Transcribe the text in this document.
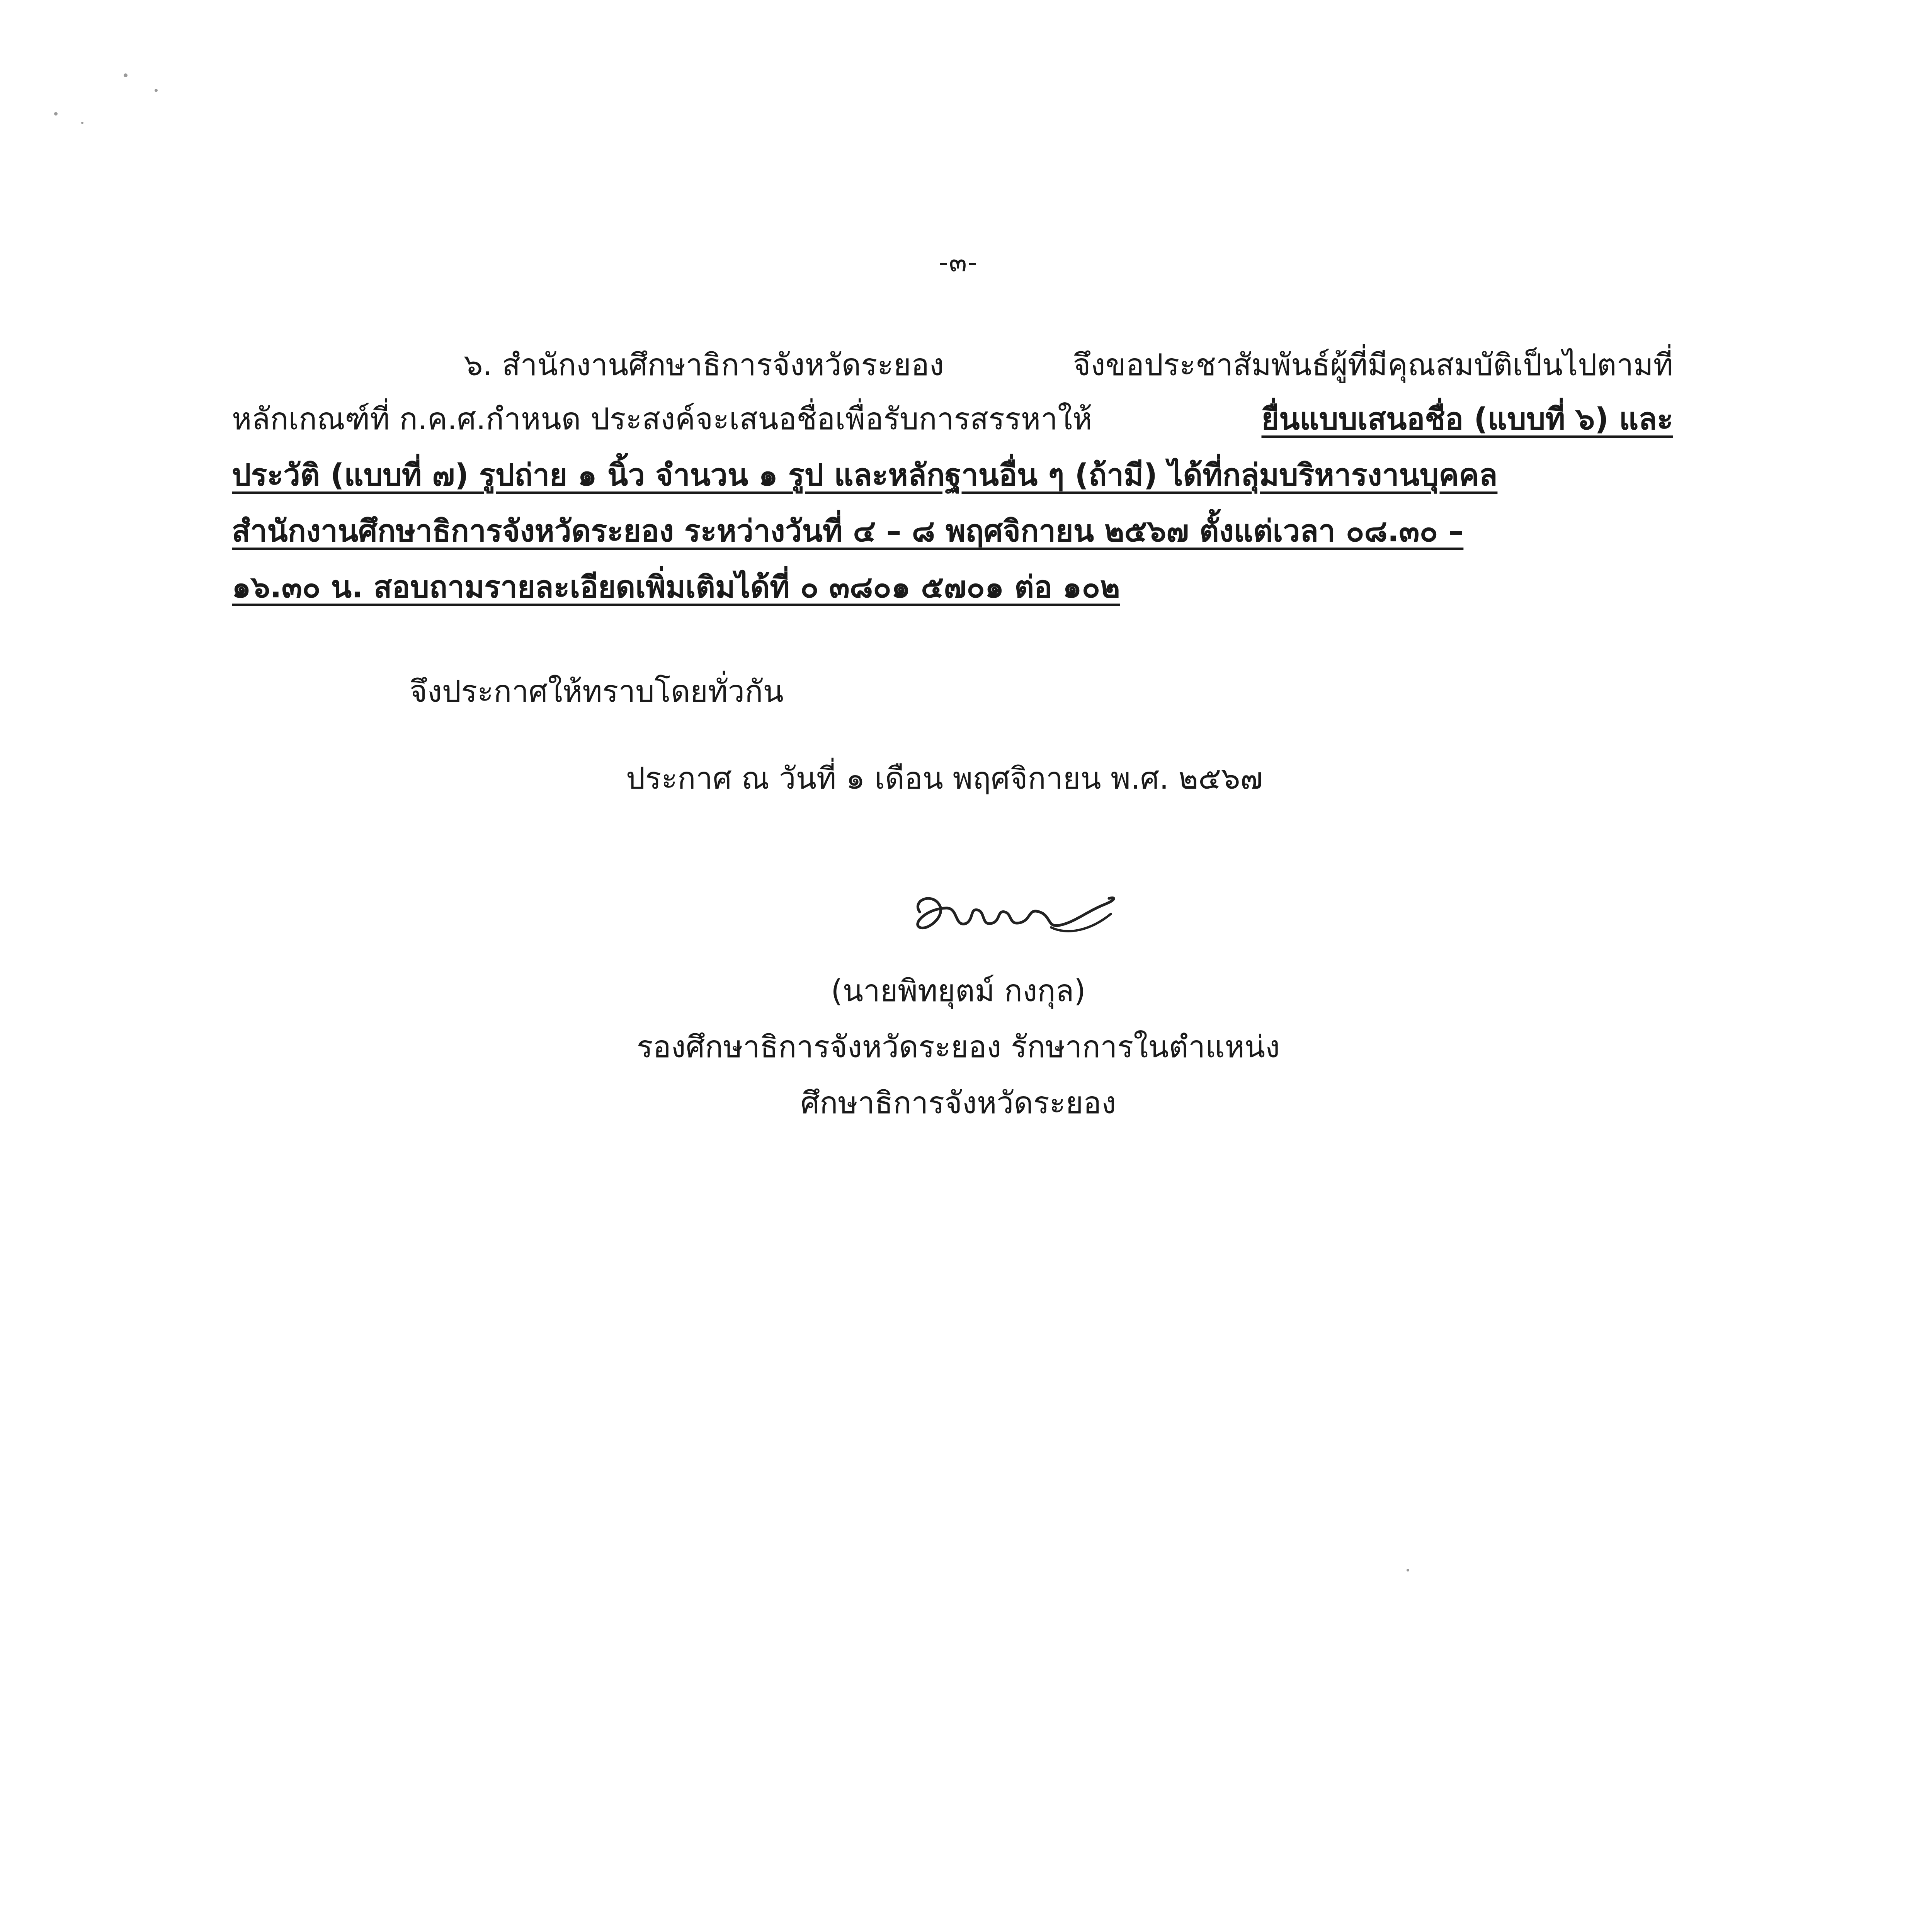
-๓-
๖. สำนักงานศึกษาธิการจังหวัดระยอง	จึงขอประชาสัมพันธ์ผู้ที่มีคุณสมบัติเป็นไปตามที่
หลักเกณฑ์ที่ ก.ค.ศ.กำหนด ประสงค์จะเสนอชื่อเพื่อรับการสรรหาให้	ยื่นแบบเสนอชื่อ (แบบที่ ๖) และ
ประวัติ (แบบที่ ๗) รูปถ่าย ๑ นิ้ว จำนวน ๑ รูป และหลักฐานอื่น ๆ (ถ้ามี) ได้ที่กลุ่มบริหารงานบุคคล
สำนักงานศึกษาธิการจังหวัดระยอง ระหว่างวันที่ ๔ – ๘ พฤศจิกายน ๒๕๖๗ ตั้งแต่เวลา ๐๘.๓๐ –
๑๖.๓๐ น. สอบถามรายละเอียดเพิ่มเติมได้ที่ ๐ ๓๘๐๑ ๕๗๐๑ ต่อ ๑๐๒
จึงประกาศให้ทราบโดยทั่วกัน
ประกาศ ณ วันที่ ๑ เดือน พฤศจิกายน พ.ศ. ๒๕๖๗
(นายพิทยุตม์ กงกุล)
รองศึกษาธิการจังหวัดระยอง รักษาการในตำแหน่ง
ศึกษาธิการจังหวัดระยอง
